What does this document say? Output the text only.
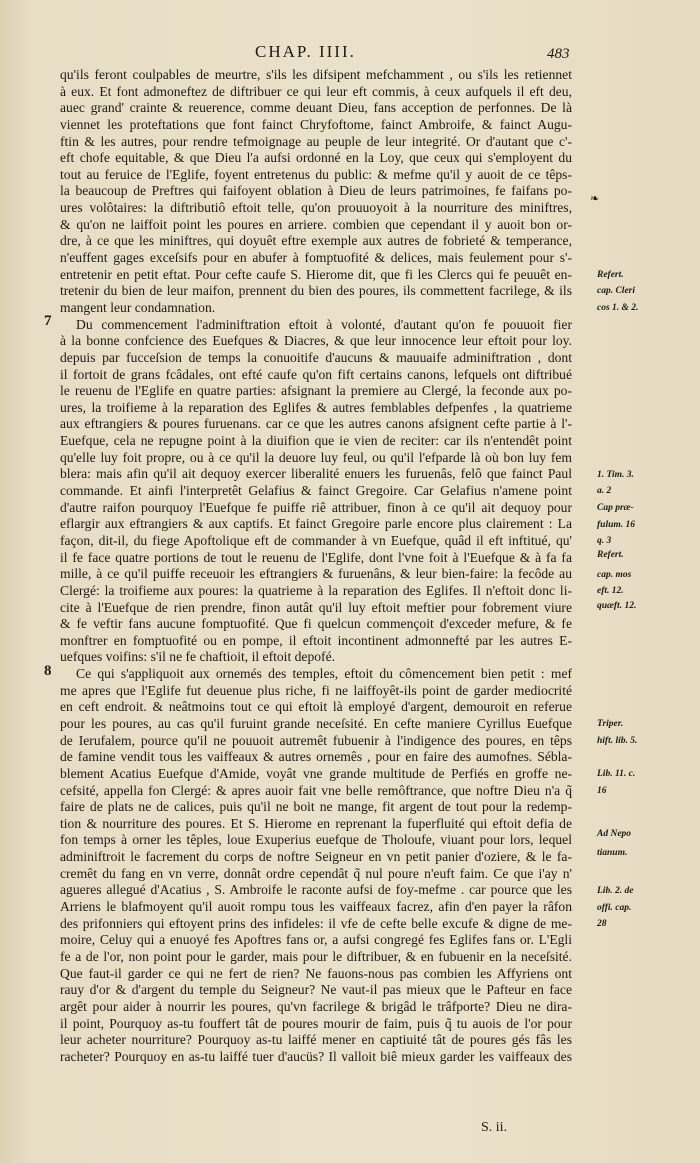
CHAP. IIII.	483
7
8
qu'ils feront coulpables de meurtre, s'ils les difsipent mefchamment , ou s'ils les retiennet
à eux. Et font admoneftez de diftribuer ce qui leur eft commis, à ceux aufquels il eft deu,
auec grand' crainte & reuerence, comme deuant Dieu, fans acception de perfonnes. De là
viennet les proteftations que font fainct Chryfoftome, fainct Ambroife, & fainct Augu-
ftin & les autres, pour rendre tefmoignage au peuple de leur integrité. Or d'autant que c'-
eft chofe equitable, & que Dieu l'a aufsi ordonné en la Loy, que ceux qui s'employent du
tout au feruice de l'Eglife, foyent entretenus du public: & mefme qu'il y auoit de ce têps-
la beaucoup de Preftres qui faifoyent oblation à Dieu de leurs patrimoines, fe faifans po-
ures volôtaires: la diftributiô eftoit telle, qu'on prouuoyoit à la nourriture des miniftres,
& qu'on ne laiffoit point les poures en arriere. combien que cependant il y auoit bon or-
dre, à ce que les miniftres, qui doyuêt eftre exemple aux autres de fobrieté & temperance,
n'euffent gages exceſsifs pour en abufer à fomptuofité & delices, mais feulement pour s'-
entretenir en petit eftat. Pour cefte caufe S. Hierome dit, que fi les Clercs qui fe peuuêt en-
tretenir du bien de leur maifon, prennent du bien des poures, ils commettent facrilege, & ils
mangent leur condamnation.
Du commencement l'adminiftration eftoit à volonté, d'autant qu'on fe pouuoit fier
à la bonne confcience des Euefques & Diacres, & que leur innocence leur eftoit pour loy.
depuis par fucceſsion de temps la conuoitife d'aucuns & mauuaife adminiftration , dont
il fortoit de grans fcâdales, ont efté caufe qu'on fift certains canons, lefquels ont diftribué
le reuenu de l'Eglife en quatre parties: afsignant la premiere au Clergé, la feconde aux po-
ures, la troifieme à la reparation des Eglifes & autres femblables defpenfes , la quatrieme
aux eftrangiers & poures furuenans. car ce que les autres canons afsignent cefte partie à l'-
Euefque, cela ne repugne point à la diuifion que ie vien de reciter: car ils n'entendêt point
qu'elle luy foit propre, ou à ce qu'il la deuore luy feul, ou qu'il l'efparde là où bon luy fem
blera: mais afin qu'il ait dequoy exercer liberalité enuers les furuenâs, felô que fainct Paul
commande. Et ainfi l'interpretêt Gelafius & fainct Gregoire. Car Gelafius n'amene point
d'autre raifon pourquoy l'Euefque fe puiffe riê attribuer, finon à ce qu'il ait dequoy pour
eflargir aux eftrangiers & aux captifs. Et fainct Gregoire parle encore plus clairement : La
façon, dit-il, du fiege Apoftolique eft de commander à vn Euefque, quâd il eft inftitué, qu'
il fe face quatre portions de tout le reuenu de l'Eglife, dont l'vne foit à l'Euefque & à fa fa
mille, à ce qu'il puiffe receuoir les eftrangiers & furuenâns, & leur bien-faire: la fecôde au
Clergé: la troifieme aux poures: la quatrieme à la reparation des Eglifes. Il n'eftoit donc li-
cite à l'Euefque de rien prendre, finon autât qu'il luy eftoit meftier pour fobrement viure
& fe veftir fans aucune fomptuofité. Que fi quelcun commençoit d'exceder mefure, & fe
monftrer en fomptuofité ou en pompe, il eftoit incontinent admonnefté par les autres E-
uefques voifins: s'il ne fe chaftioit, il eftoit depofé.
Ce qui s'appliquoit aux ornemés des temples, eftoit du cômencement bien petit : mef
me apres que l'Eglife fut deuenue plus riche, fi ne laiffoyêt-ils point de garder mediocrité
en ceft endroit. & neâtmoins tout ce qui eftoit là employé d'argent, demouroit en referue
pour les poures, au cas qu'il furuint grande neceſsité. En cefte maniere Cyrillus Euefque
de Ierufalem, pource qu'il ne pouuoit autremêt fubuenir à l'indigence des poures, en têps
de famine vendit tous les vaiffeaux & autres ornemês , pour en faire des aumofnes. Sébla-
blement Acatius Euefque d'Amide, voyât vne grande multitude de Perfiés en groffe ne-
cefsité, appella fon Clergé: & apres auoir fait vne belle remôftrance, que noftre Dieu n'a q̃
faire de plats ne de calices, puis qu'il ne boit ne mange, fit argent de tout pour la redemp-
tion & nourriture des poures. Et S. Hierome en reprenant la fuperfluité qui eftoit defia de
fon temps à orner les têples, loue Exuperius euefque de Tholoufe, viuant pour lors, lequel
adminiftroit le facrement du corps de noftre Seigneur en vn petit panier d'oziere, & le fa-
cremêt du fang en vn verre, donnât ordre cependât q̃ nul poure n'euft faim. Ce que i'ay n'
agueres allegué d'Acatius , S. Ambroife le raconte aufsi de foy-mefme . car pource que les
Arriens le blafmoyent qu'il auoit rompu tous les vaiffeaux facrez, afin d'en payer la râfon
des prifonniers qui eftoyent prins des infideles: il vfe de cefte belle excufe & digne de me-
moire, Celuy qui a enuoyé fes Apoftres fans or, a aufsi congregé fes Eglifes fans or. L'Egli
fe a de l'or, non point pour le garder, mais pour le diftribuer, & en fubuenir en la neceſsité.
Que faut-il garder ce qui ne fert de rien? Ne fauons-nous pas combien les Affyriens ont
rauy d'or & d'argent du temple du Seigneur? Ne vaut-il pas mieux que le Pafteur en face
argêt pour aider à nourrir les poures, qu'vn facrilege & brigâd le trâfporte? Dieu ne dira-
il point, Pourquoy as-tu fouffert tât de poures mourir de faim, puis q̃ tu auois de l'or pour
leur acheter nourriture? Pourquoy as-tu laiffé mener en captiuité tât de poures gés fâs les
racheter? Pourquoy en as-tu laiffé tuer d'aucüs? Il valloit biê mieux garder les vaiffeaux des
Refert.
cap. Cleri
cos 1. & 2.
1. Tim. 3.
a. 2
Cap præ-
fulum. 16
q. 3
Refert.
cap. mos
eft. 12.
quæft. 12.
Triper.
hift. lib. 5.
Lib. 11. c.
16
Ad Nepo
tianum.
Lib. 2. de
offi. cap.
28
❧
S. ii.
